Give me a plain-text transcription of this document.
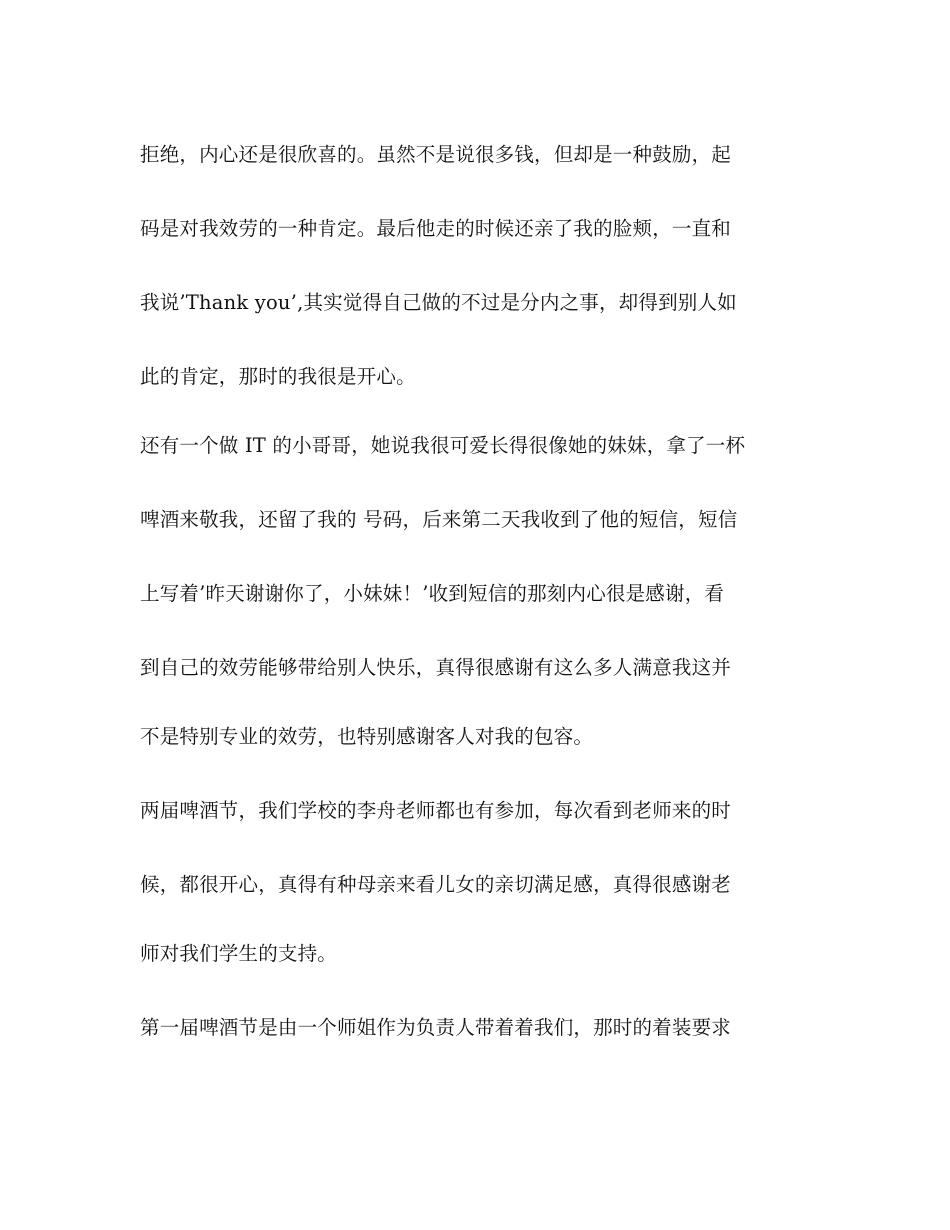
拒绝，内心还是很欣喜的。虽然不是说很多钱，但却是一种鼓励，起
码是对我效劳的一种肯定。最后他走的时候还亲了我的脸颊，一直和
我说’Thank you’,其实觉得自己做的不过是分内之事，却得到别人如
此的肯定，那时的我很是开心。
还有一个做 IT 的小哥哥，她说我很可爱长得很像她的妹妹，拿了一杯
啤酒来敬我，还留了我的 号码，后来第二天我收到了他的短信，短信
上写着’昨天谢谢你了，小妹妹！’收到短信的那刻内心很是感谢，看
到自己的效劳能够带给别人快乐，真得很感谢有这么多人满意我这并
不是特别专业的效劳，也特别感谢客人对我的包容。
两届啤酒节，我们学校的李舟老师都也有参加，每次看到老师来的时
候，都很开心，真得有种母亲来看儿女的亲切满足感，真得很感谢老
师对我们学生的支持。
第一届啤酒节是由一个师姐作为负责人带着着我们，那时的着装要求
